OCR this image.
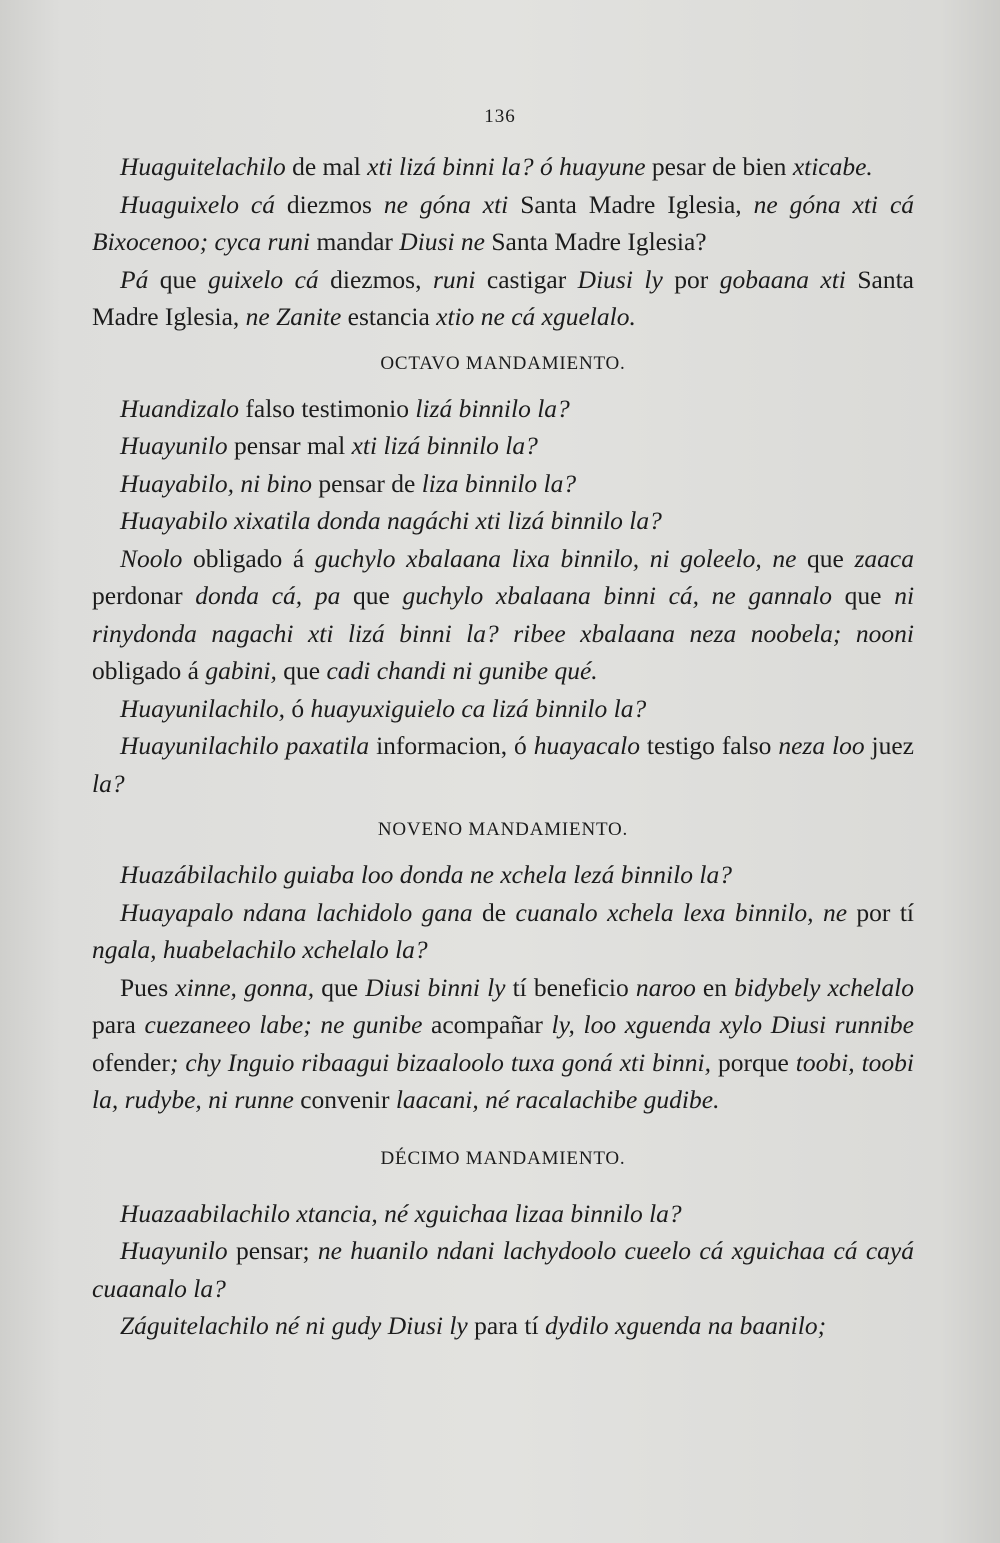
136

Huaguitelachilo de mal xti lizá binni la? ó huayune pesar de bien xticabe.

Huaguixelo cá diezmos ne góna xti Santa Madre Iglesia, ne góna xti cá Bixocenoo; cyca runi mandar Diusi ne Santa Madre Iglesia?

Pá que guixelo cá diezmos, runi castigar Diusi ly por gobaana xti Santa Madre Iglesia, ne Zanite estancia xtio ne cá xguelalo.

OCTAVO MANDAMIENTO.

Huandizalo falso testimonio lizá binnilo la?

Huayunilo pensar mal xti lizá binnilo la?

Huayabilo, ni bino pensar de liza binnilo la?

Huayabilo xixatila donda nagáchi xti lizá binnilo la?

Noolo obligado á guchylo xbalaana lixa binnilo, ni goleelo, ne que zaaca perdonar donda cá, pa que guchylo xbalaana binni cá, ne gannalo que ni rinydonda nagachi xti lizá binni la? ribee xbalaana neza noobela; nooni obligado á gabini, que cadi chandi ni gunibe qué.

Huayunilachilo, ó huayuxiguielo ca lizá binnilo la?

Huayunilachilo paxatila informacion, ó huayacalo testigo falso neza loo juez la?

NOVENO MANDAMIENTO.

Huazábilachilo guiaba loo donda ne xchela lezá binnilo la?

Huayapalo ndana lachidolo gana de cuanalo xchela lexa binnilo, ne por tí ngala, huabelachilo xchelalo la?

Pues xinne, gonna, que Diusi binni ly tí beneficio naroo en bidybely xchelalo para cuezaneeo labe; ne gunibe acompañar ly, loo xguenda xylo Diusi runnibe ofender; chy Inguio ribaagui bizaaloolo tuxa goná xti binni, porque toobi, toobi la, rudybe, ni runne convenir laacani, né racalachibe gudibe.

DÉCIMO MANDAMIENTO.

Huazaabilachilo xtancia, né xguichaa lizaa binnilo la?

Huayunilo pensar; ne huanilo ndani lachydoolo cueelo cá xguichaa cá cayá cuaanalo la?

Záguitelachilo né ni gudy Diusi ly para tí dydilo xguenda na baanilo;
